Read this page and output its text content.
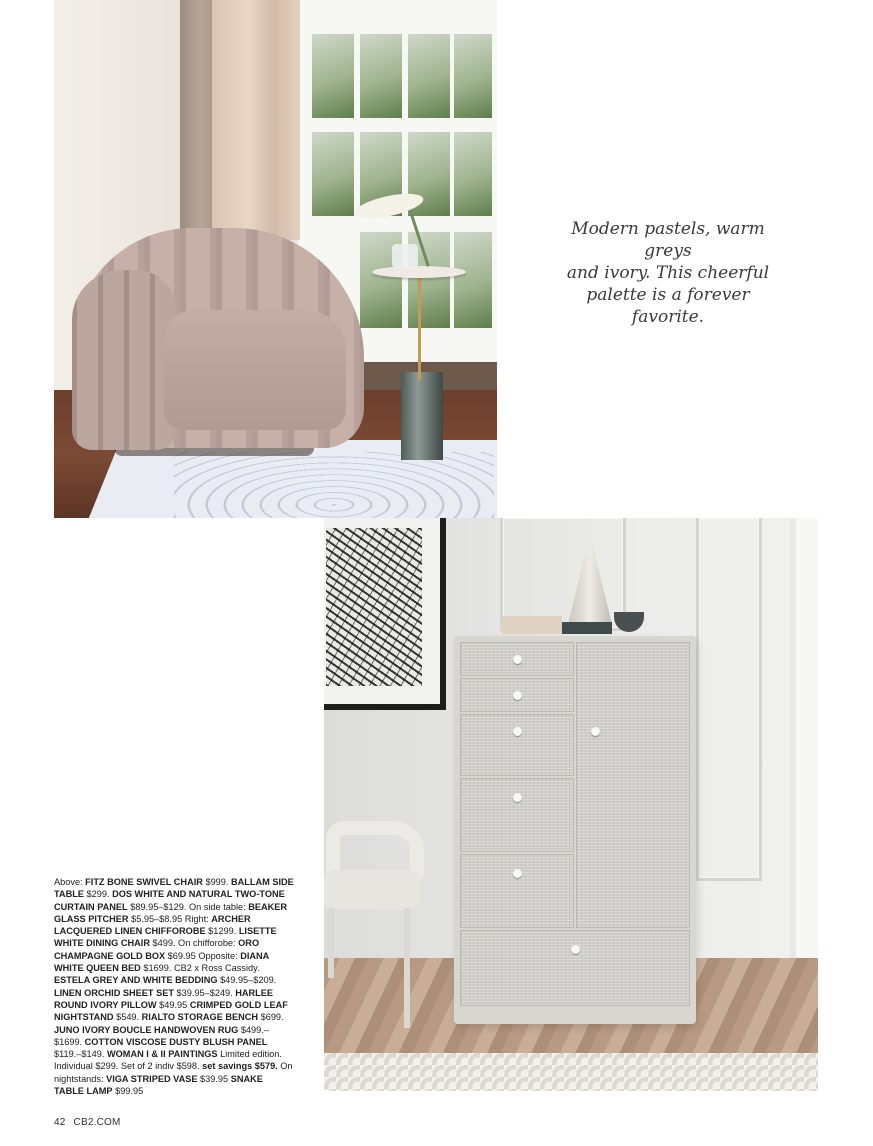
Modern pastels, warm greys
and ivory. This cheerful
palette is a forever favorite.
Above: FITZ BONE SWIVEL CHAIR $999. BALLAM SIDE TABLE $299. DOS WHITE AND NATURAL TWO-TONE CURTAIN PANEL $89.95–$129. On side table: BEAKER GLASS PITCHER $5.95–$8.95 Right: ARCHER LACQUERED LINEN CHIFFOROBE $1299. LISETTE WHITE DINING CHAIR $499. On chifforobe: ORO CHAMPAGNE GOLD BOX $69.95 Opposite: DIANA WHITE QUEEN BED $1699. CB2 x Ross Cassidy. ESTELA GREY AND WHITE BEDDING $49.95–$209. LINEN ORCHID SHEET SET $39.95–$249. HARLEE ROUND IVORY PILLOW $49.95 CRIMPED GOLD LEAF NIGHTSTAND $549. RIALTO STORAGE BENCH $699. JUNO IVORY BOUCLE HANDWOVEN RUG $499.–$1699. COTTON VISCOSE DUSTY BLUSH PANEL $119.–$149. WOMAN I & II PAINTINGS Limited edition. Individual $299. Set of 2 indiv $598. set savings $579. On nightstands: VIGA STRIPED VASE $39.95 SNAKE TABLE LAMP $99.95
42 CB2.COM
